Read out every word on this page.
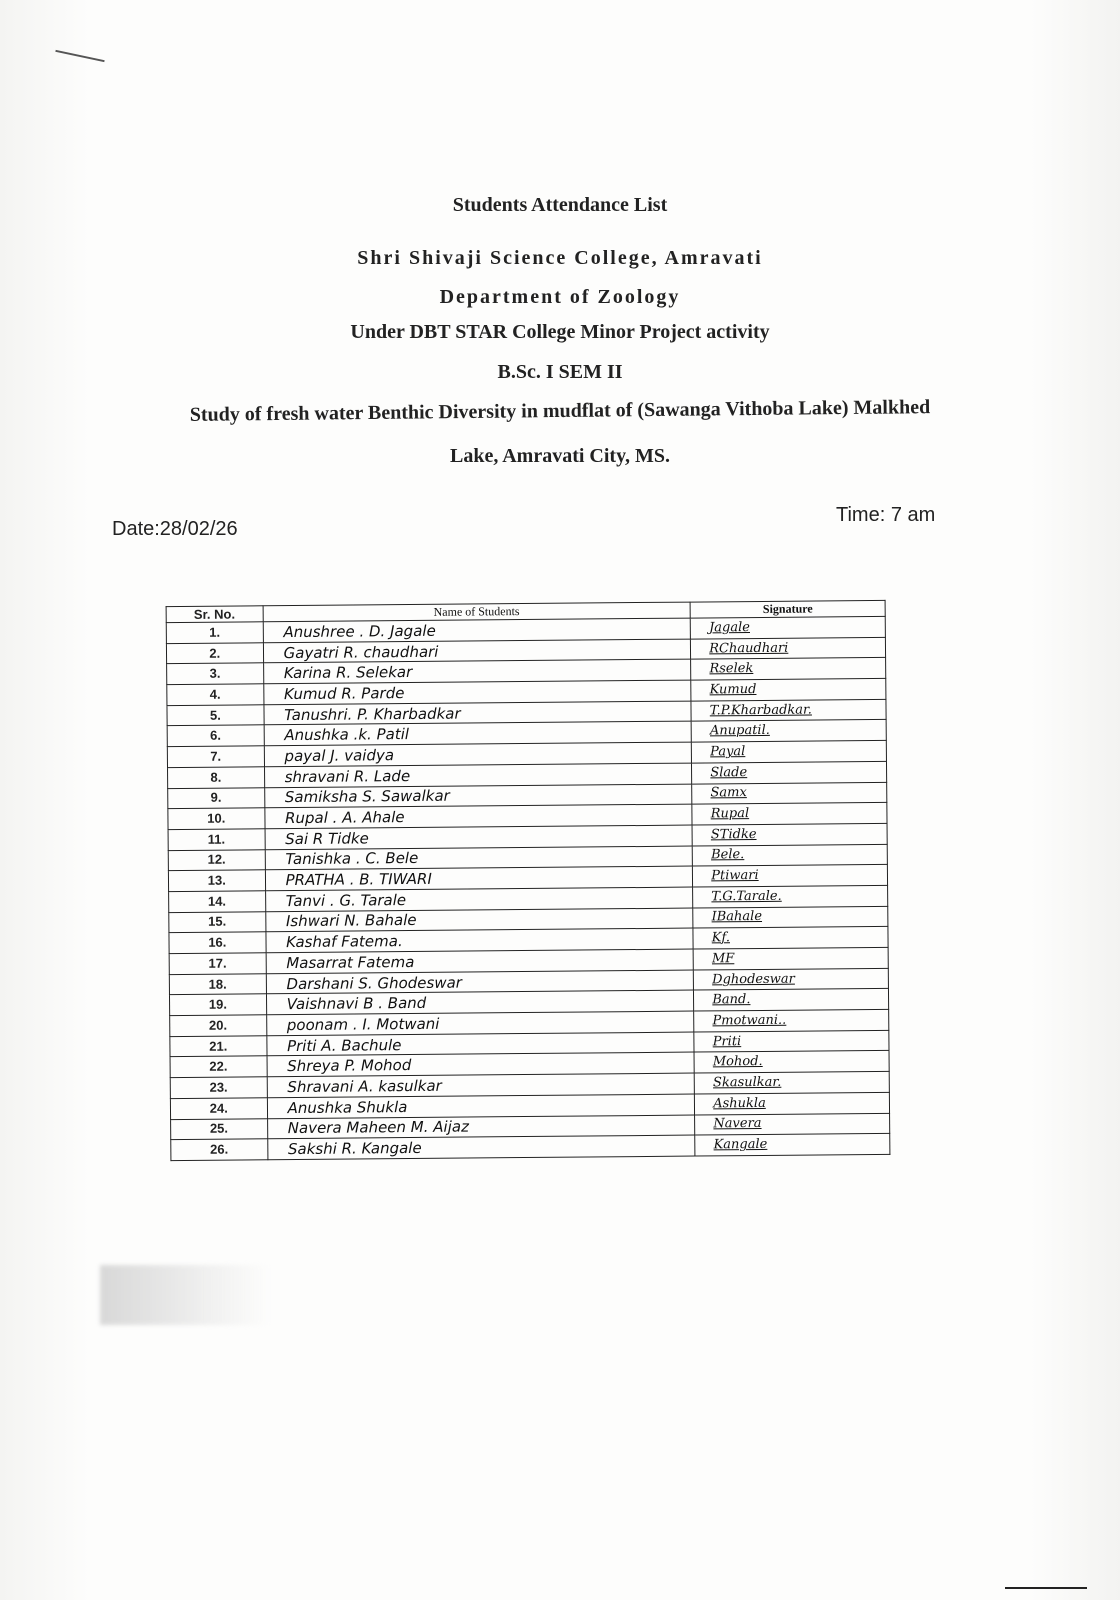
Students Attendance List
Shri Shivaji Science College, Amravati
Department of Zoology
Under DBT STAR College Minor Project activity
B.Sc. I SEM II
Study of fresh water Benthic Diversity in mudflat of (Sawanga Vithoba Lake) Malkhed
Lake, Amravati City, MS.
Date:28/02/26
Time: 7 am
Sr. No.	Name of Students	Signature
1.	Anushree . D. Jagale	Jagale
2.	Gayatri R. chaudhari	RChaudhari
3.	Karina R. Selekar	Rselek
4.	Kumud R. Parde	Kumud
5.	Tanushri. P. Kharbadkar	T.P.Kharbadkar.
6.	Anushka .k. Patil	Anupatil.
7.	payal J. vaidya	Payal
8.	shravani R. Lade	Slade
9.	Samiksha S. Sawalkar	Samx
10.	Rupal . A. Ahale	Rupal
11.	Sai R Tidke	STidke
12.	Tanishka . C. Bele	Bele.
13.	PRATHA . B. TIWARI	Ptiwari
14.	Tanvi . G. Tarale	T.G.Tarale.
15.	Ishwari N. Bahale	IBahale
16.	Kashaf Fatema.	Kf.
17.	Masarrat Fatema	MF
18.	Darshani S. Ghodeswar	Dghodeswar
19.	Vaishnavi B . Band	Band.
20.	poonam . I. Motwani	Pmotwani..
21.	Priti A. Bachule	Priti
22.	Shreya P. Mohod	Mohod.
23.	Shravani A. kasulkar	Skasulkar.
24.	Anushka Shukla	Ashukla
25.	Navera Maheen M. Aijaz	Navera
26.	Sakshi R. Kangale	Kangale
